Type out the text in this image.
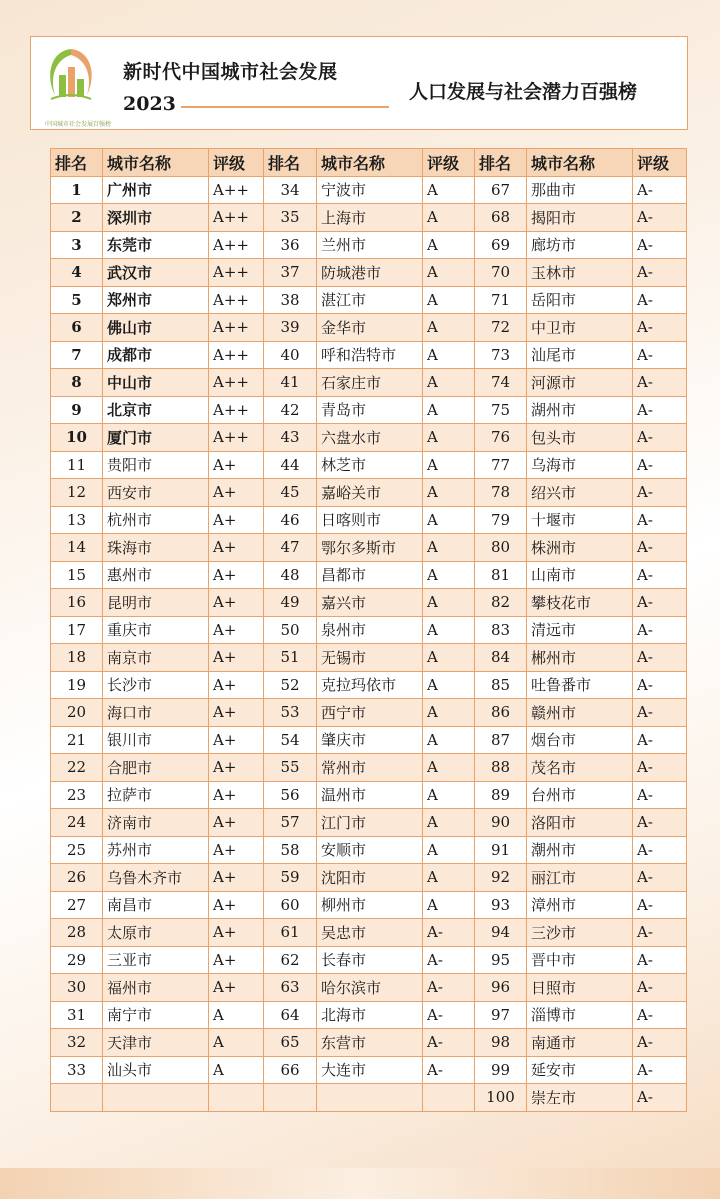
中国城市社会发展百强榜
新时代中国城市社会发展
2023
人口发展与社会潜力百强榜
排名	城市名称	评级	排名	城市名称	评级	排名	城市名称	评级
1	广州市	A++	34	宁波市	A	67	那曲市	A-
2	深圳市	A++	35	上海市	A	68	揭阳市	A-
3	东莞市	A++	36	兰州市	A	69	廊坊市	A-
4	武汉市	A++	37	防城港市	A	70	玉林市	A-
5	郑州市	A++	38	湛江市	A	71	岳阳市	A-
6	佛山市	A++	39	金华市	A	72	中卫市	A-
7	成都市	A++	40	呼和浩特市	A	73	汕尾市	A-
8	中山市	A++	41	石家庄市	A	74	河源市	A-
9	北京市	A++	42	青岛市	A	75	湖州市	A-
10	厦门市	A++	43	六盘水市	A	76	包头市	A-
11	贵阳市	A+	44	林芝市	A	77	乌海市	A-
12	西安市	A+	45	嘉峪关市	A	78	绍兴市	A-
13	杭州市	A+	46	日喀则市	A	79	十堰市	A-
14	珠海市	A+	47	鄂尔多斯市	A	80	株洲市	A-
15	惠州市	A+	48	昌都市	A	81	山南市	A-
16	昆明市	A+	49	嘉兴市	A	82	攀枝花市	A-
17	重庆市	A+	50	泉州市	A	83	清远市	A-
18	南京市	A+	51	无锡市	A	84	郴州市	A-
19	长沙市	A+	52	克拉玛依市	A	85	吐鲁番市	A-
20	海口市	A+	53	西宁市	A	86	赣州市	A-
21	银川市	A+	54	肇庆市	A	87	烟台市	A-
22	合肥市	A+	55	常州市	A	88	茂名市	A-
23	拉萨市	A+	56	温州市	A	89	台州市	A-
24	济南市	A+	57	江门市	A	90	洛阳市	A-
25	苏州市	A+	58	安顺市	A	91	潮州市	A-
26	乌鲁木齐市	A+	59	沈阳市	A	92	丽江市	A-
27	南昌市	A+	60	柳州市	A	93	漳州市	A-
28	太原市	A+	61	吴忠市	A-	94	三沙市	A-
29	三亚市	A+	62	长春市	A-	95	晋中市	A-
30	福州市	A+	63	哈尔滨市	A-	96	日照市	A-
31	南宁市	A	64	北海市	A-	97	淄博市	A-
32	天津市	A	65	东营市	A-	98	南通市	A-
33	汕头市	A	66	大连市	A-	99	延安市	A-
						100	崇左市	A-
